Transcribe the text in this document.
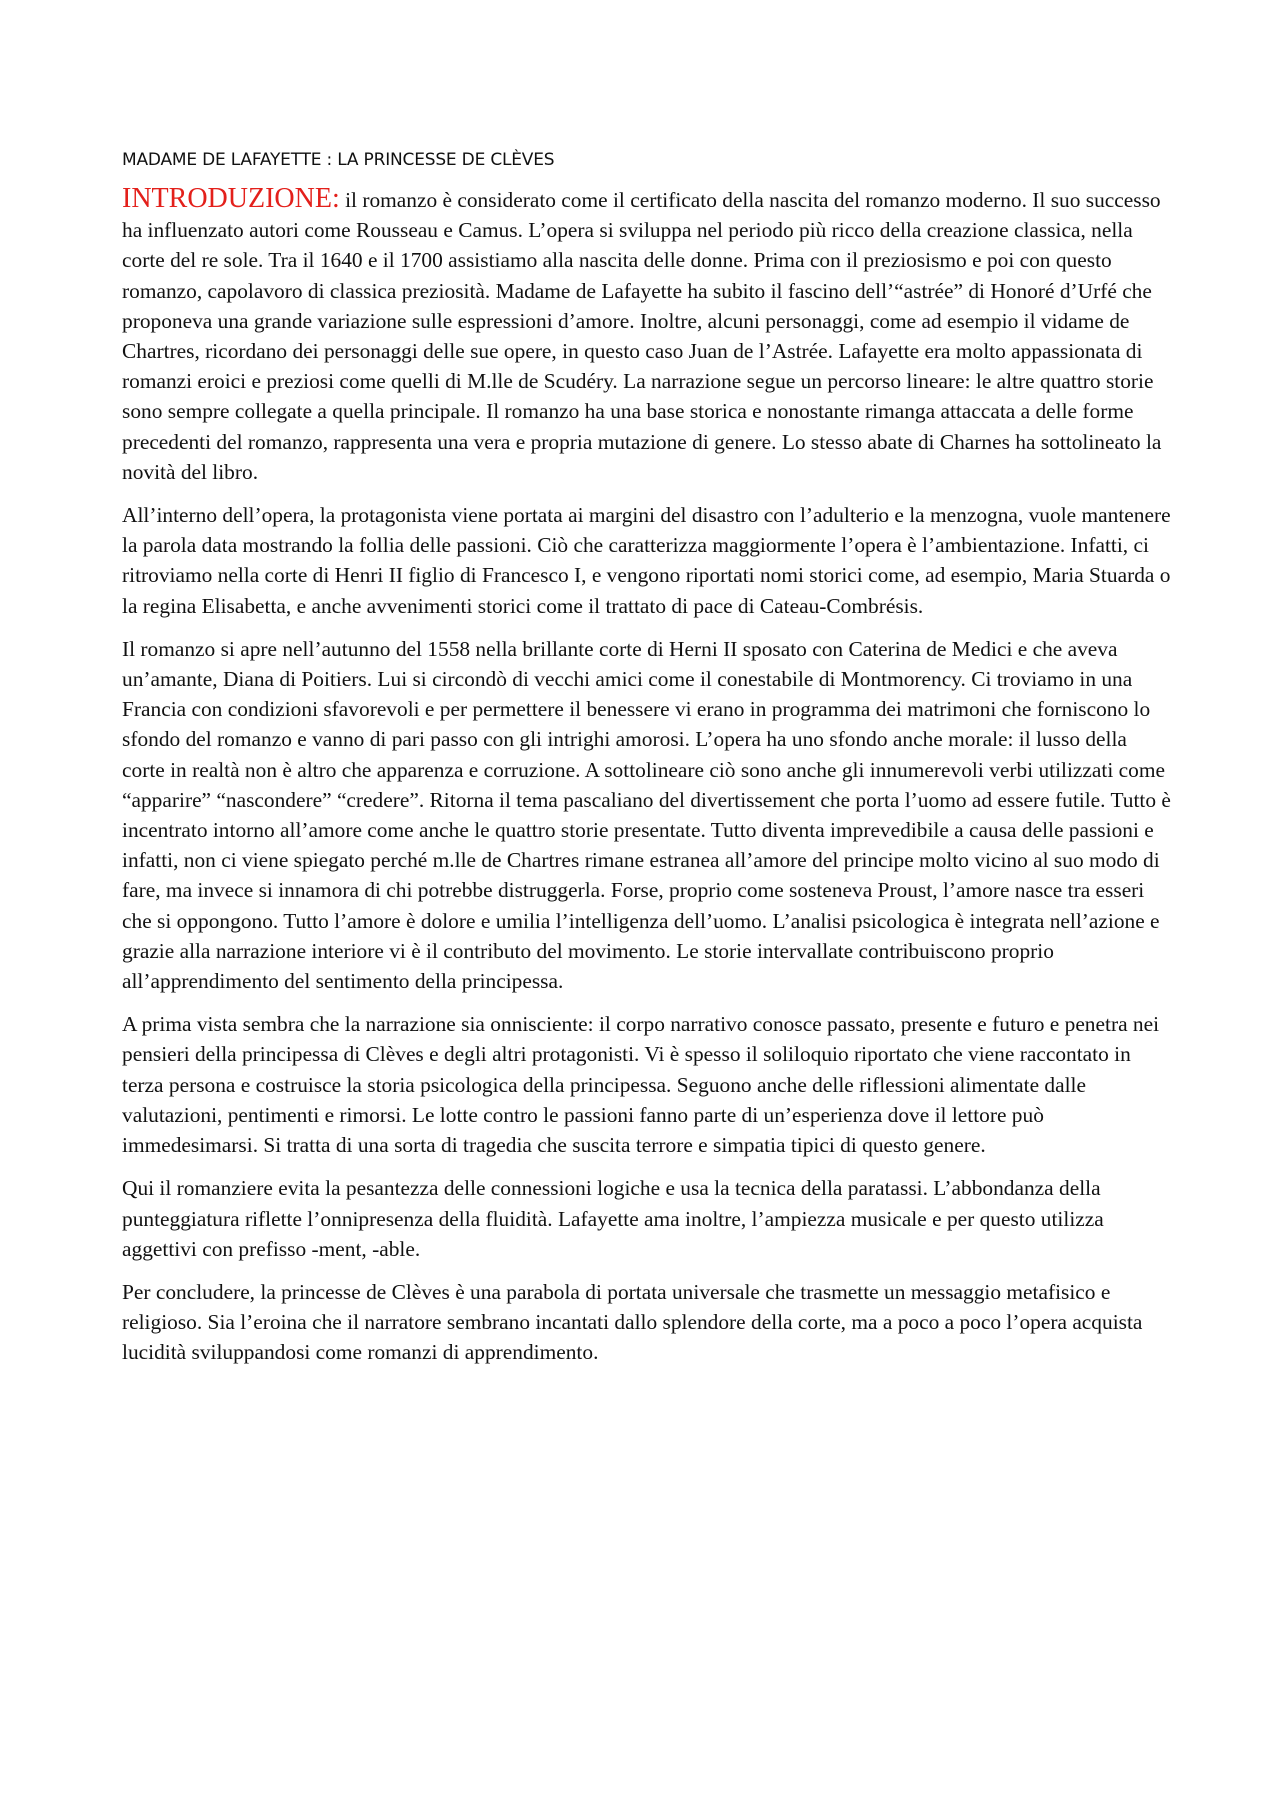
MADAME DE LAFAYETTE : LA PRINCESSE DE CLÈVES

INTRODUZIONE: il romanzo è considerato come il certificato della nascita del romanzo moderno. Il suo successo ha influenzato autori come Rousseau e Camus. L’opera si sviluppa nel periodo più ricco della creazione classica, nella corte del re sole. Tra il 1640 e il 1700 assistiamo alla nascita delle donne. Prima con il preziosismo e poi con questo romanzo, capolavoro di classica preziosità. Madame de Lafayette ha subito il fascino dell’“astrée” di Honoré d’Urfé che proponeva una grande variazione sulle espressioni d’amore. Inoltre, alcuni personaggi, come ad esempio il vidame de Chartres, ricordano dei personaggi delle sue opere, in questo caso Juan de l’Astrée. Lafayette era molto appassionata di romanzi eroici e preziosi come quelli di M.lle de Scudéry. La narrazione segue un percorso lineare: le altre quattro storie sono sempre collegate a quella principale. Il romanzo ha una base storica e nonostante rimanga attaccata a delle forme precedenti del romanzo, rappresenta una vera e propria mutazione di genere. Lo stesso abate di Charnes ha sottolineato la novità del libro.

All’interno dell’opera, la protagonista viene portata ai margini del disastro con l’adulterio e la menzogna, vuole mantenere la parola data mostrando la follia delle passioni. Ciò che caratterizza maggiormente l’opera è l’ambientazione. Infatti, ci ritroviamo nella corte di Henri II figlio di Francesco I, e vengono riportati nomi storici come, ad esempio, Maria Stuarda o la regina Elisabetta, e anche avvenimenti storici come il trattato di pace di Cateau-Combrésis.

Il romanzo si apre nell’autunno del 1558 nella brillante corte di Herni II sposato con Caterina de Medici e che aveva un’amante, Diana di Poitiers. Lui si circondò di vecchi amici come il conestabile di Montmorency. Ci troviamo in una Francia con condizioni sfavorevoli e per permettere il benessere vi erano in programma dei matrimoni che forniscono lo sfondo del romanzo e vanno di pari passo con gli intrighi amorosi. L’opera ha uno sfondo anche morale: il lusso della corte in realtà non è altro che apparenza e corruzione. A sottolineare ciò sono anche gli innumerevoli verbi utilizzati come “apparire” “nascondere” “credere”. Ritorna il tema pascaliano del divertissement che porta l’uomo ad essere futile. Tutto è incentrato intorno all’amore come anche le quattro storie presentate. Tutto diventa imprevedibile a causa delle passioni e infatti, non ci viene spiegato perché m.lle de Chartres rimane estranea all’amore del principe molto vicino al suo modo di fare, ma invece si innamora di chi potrebbe distruggerla. Forse, proprio come sosteneva Proust, l’amore nasce tra esseri che si oppongono. Tutto l’amore è dolore e umilia l’intelligenza dell’uomo. L’analisi psicologica è integrata nell’azione e grazie alla narrazione interiore vi è il contributo del movimento. Le storie intervallate contribuiscono proprio all’apprendimento del sentimento della principessa.

A prima vista sembra che la narrazione sia onnisciente: il corpo narrativo conosce passato, presente e futuro e penetra nei pensieri della principessa di Clèves e degli altri protagonisti. Vi è spesso il soliloquio riportato che viene raccontato in terza persona e costruisce la storia psicologica della principessa. Seguono anche delle riflessioni alimentate dalle valutazioni, pentimenti e rimorsi. Le lotte contro le passioni fanno parte di un’esperienza dove il lettore può immedesimarsi. Si tratta di una sorta di tragedia che suscita terrore e simpatia tipici di questo genere.

Qui il romanziere evita la pesantezza delle connessioni logiche e usa la tecnica della paratassi. L’abbondanza della punteggiatura riflette l’onnipresenza della fluidità. Lafayette ama inoltre, l’ampiezza musicale e per questo utilizza aggettivi con prefisso -ment, -able.

Per concludere, la princesse de Clèves è una parabola di portata universale che trasmette un messaggio metafisico e religioso. Sia l’eroina che il narratore sembrano incantati dallo splendore della corte, ma a poco a poco l’opera acquista lucidità sviluppandosi come romanzi di apprendimento.
